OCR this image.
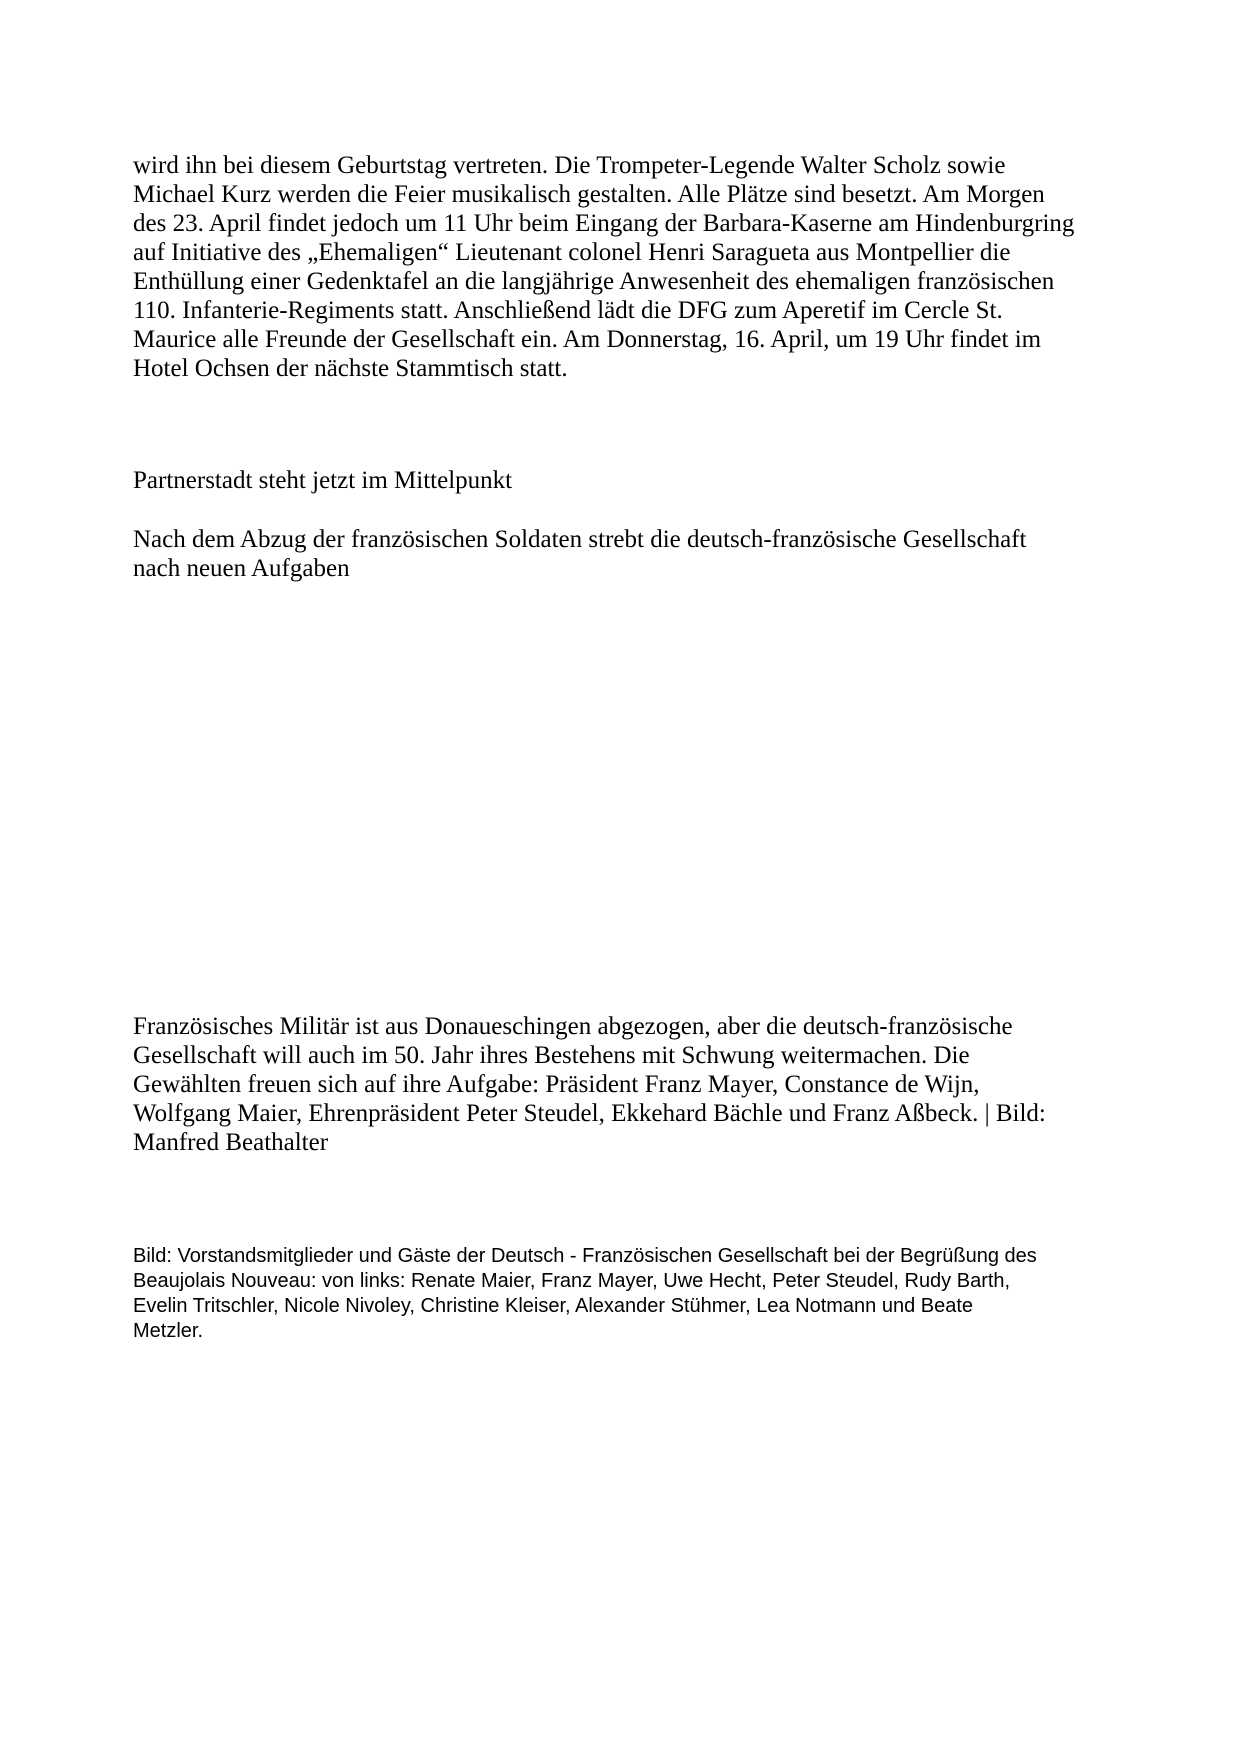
wird ihn bei diesem Geburtstag vertreten. Die Trompeter-Legende Walter Scholz sowie
Michael Kurz werden die Feier musikalisch gestalten. Alle Plätze sind besetzt. Am Morgen
des 23. April findet jedoch um 11 Uhr beim Eingang der Barbara-Kaserne am Hindenburgring
auf Initiative des „Ehemaligen“ Lieutenant colonel Henri Saragueta aus Montpellier die
Enthüllung einer Gedenktafel an die langjährige Anwesenheit des ehemaligen französischen
110. Infanterie-Regiments statt. Anschließend lädt die DFG zum Aperetif im Cercle St.
Maurice alle Freunde der Gesellschaft ein. Am Donnerstag, 16. April, um 19 Uhr findet im
Hotel Ochsen der nächste Stammtisch statt.
Partnerstadt steht jetzt im Mittelpunkt
Nach dem Abzug der französischen Soldaten strebt die deutsch-französische Gesellschaft
nach neuen Aufgaben
Französisches Militär ist aus Donaueschingen abgezogen, aber die deutsch-französische
Gesellschaft will auch im 50. Jahr ihres Bestehens mit Schwung weitermachen. Die
Gewählten freuen sich auf ihre Aufgabe: Präsident Franz Mayer, Constance de Wijn,
Wolfgang Maier, Ehrenpräsident Peter Steudel, Ekkehard Bächle und Franz Aßbeck. | Bild:
Manfred Beathalter
Bild: Vorstandsmitglieder und Gäste der Deutsch - Französischen Gesellschaft bei der Begrüßung des
Beaujolais Nouveau: von links: Renate Maier, Franz Mayer, Uwe Hecht, Peter Steudel, Rudy Barth,
Evelin Tritschler, Nicole Nivoley, Christine Kleiser, Alexander Stühmer, Lea Notmann und Beate
Metzler.
